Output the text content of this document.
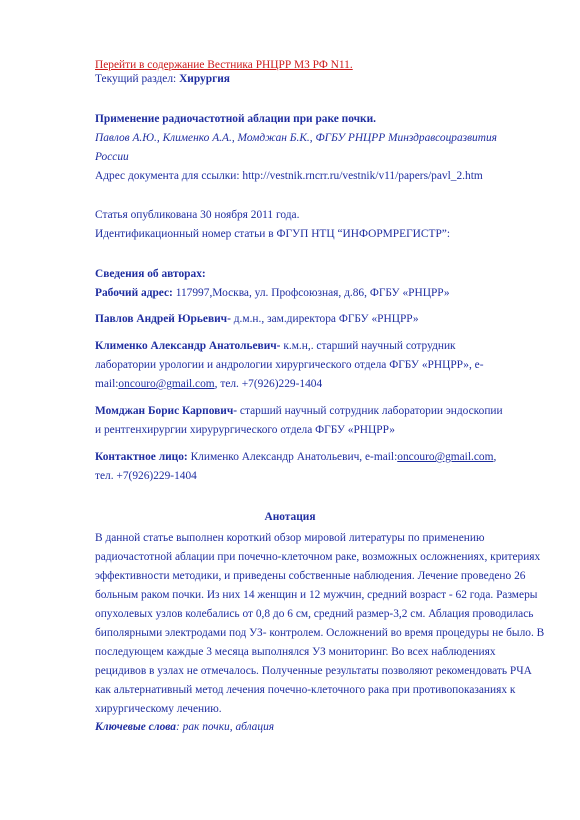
Перейти в содержание Вестника РНЦРР МЗ РФ N11.
Текущий раздел: Хирургия
Применение радиочастотной аблации при раке почки.
Павлов А.Ю., Клименко А.А., Момджан Б.К., ФГБУ РНЦРР Минздравсоцразвития
России
Адрес документа для ссылки: http://vestnik.rncrr.ru/vestnik/v11/papers/pavl_2.htm
Статья опубликована 30 ноября 2011 года.
Идентификационный номер статьи в ФГУП НТЦ “ИНФОРМРЕГИСТР”:
Сведения об авторах:
Рабочий адрес: 117997,Москва, ул. Профсоюзная, д.86, ФГБУ «РНЦРР»
Павлов Андрей Юрьевич- д.м.н., зам.директора ФГБУ «РНЦРР»
Клименко Александр Анатольевич- к.м.н,. старший научный сотрудник
лаборатории урологии и андрологии хирургического отдела ФГБУ «РНЦРР», e-
mail:oncouro@gmail.com, тел. +7(926)229-1404
Момджан Борис Карпович- старший научный сотрудник лаборатории эндоскопии
и рентгенхирургии хирурургического отдела ФГБУ «РНЦРР»
Контактное лицо: Клименко Александр Анатольевич, e-mail:oncouro@gmail.com,
тел. +7(926)229-1404
Анотация
В данной статье выполнен короткий обзор мировой литературы по применению
радиочастотной аблации при почечно-клеточном раке, возможных осложнениях, критериях
эффективности методики, и приведены собственные наблюдения. Лечение проведено 26
больным раком почки. Из них 14 женщин и 12 мужчин, средний возраст - 62 года. Размеры
опухолевых узлов колебались от 0,8 до 6 см, средний размер-3,2 см. Аблация проводилась
биполярными электродами под УЗ- контролем. Осложнений во время процедуры не было. В
последующем каждые 3 месяца выполнялся УЗ мониторинг. Во всех наблюдениях
рецидивов в узлах не отмечалось. Полученные результаты позволяют рекомендовать РЧА
как альтернативный метод лечения почечно-клеточного рака при противопоказаниях к
хирургическому лечению.
Ключевые слова: рак почки, аблация
